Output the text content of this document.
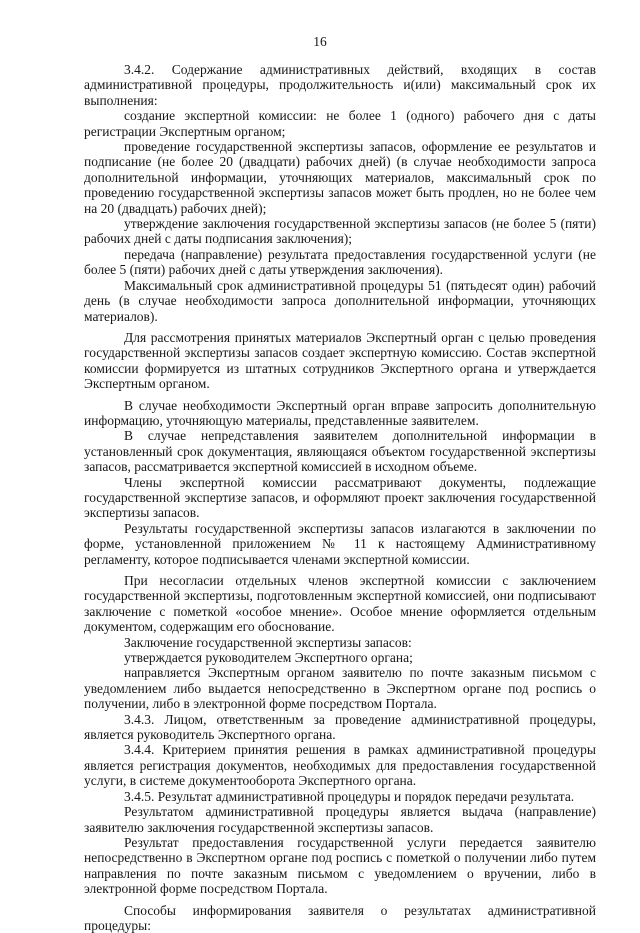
16

3.4.2. Содержание административных действий, входящих в состав административной процедуры, продолжительность и(или) максимальный срок их выполнения:

создание экспертной комиссии: не более 1 (одного) рабочего дня с даты регистрации Экспертным органом;

проведение государственной экспертизы запасов, оформление ее результатов и подписание (не более 20 (двадцати) рабочих дней) (в случае необходимости запроса дополнительной информации, уточняющих материалов, максимальный срок по проведению государственной экспертизы запасов может быть продлен, но не более чем на 20 (двадцать) рабочих дней);

утверждение заключения государственной экспертизы запасов (не более 5 (пяти) рабочих дней с даты подписания заключения);

передача (направление) результата предоставления государственной услуги (не более 5 (пяти) рабочих дней с даты утверждения заключения).

Максимальный срок административной процедуры 51 (пятьдесят один) рабочий день (в случае необходимости запроса дополнительной информации, уточняющих материалов).

Для рассмотрения принятых материалов Экспертный орган с целью проведения государственной экспертизы запасов создает экспертную комиссию. Состав экспертной комиссии формируется из штатных сотрудников Экспертного органа и утверждается Экспертным органом.

В случае необходимости Экспертный орган вправе запросить дополнительную информацию, уточняющую материалы, представленные заявителем.

В случае непредставления заявителем дополнительной информации в установленный срок документация, являющаяся объектом государственной экспертизы запасов, рассматривается экспертной комиссией в исходном объеме.

Члены экспертной комиссии рассматривают документы, подлежащие государственной экспертизе запасов, и оформляют проект заключения государственной экспертизы запасов.

Результаты государственной экспертизы запасов излагаются в заключении по форме, установленной приложением № 11 к настоящему Административному регламенту, которое подписывается членами экспертной комиссии.

При несогласии отдельных членов экспертной комиссии с заключением государственной экспертизы, подготовленным экспертной комиссией, они подписывают заключение с пометкой «особое мнение». Особое мнение оформляется отдельным документом, содержащим его обоснование.

Заключение государственной экспертизы запасов:

утверждается руководителем Экспертного органа;

направляется Экспертным органом заявителю по почте заказным письмом с уведомлением либо выдается непосредственно в Экспертном органе под роспись о получении, либо в электронной форме посредством Портала.

3.4.3. Лицом, ответственным за проведение административной процедуры, является руководитель Экспертного органа.

3.4.4. Критерием принятия решения в рамках административной процедуры является регистрация документов, необходимых для предоставления государственной услуги, в системе документооборота Экспертного органа.

3.4.5. Результат административной процедуры и порядок передачи результата.

Результатом административной процедуры является выдача (направление) заявителю заключения государственной экспертизы запасов.

Результат предоставления государственной услуги передается заявителю непосредственно в Экспертном органе под роспись с пометкой о получении либо путем направления по почте заказным письмом с уведомлением о вручении, либо в электронной форме посредством Портала.

Способы информирования заявителя о результатах административной процедуры:
